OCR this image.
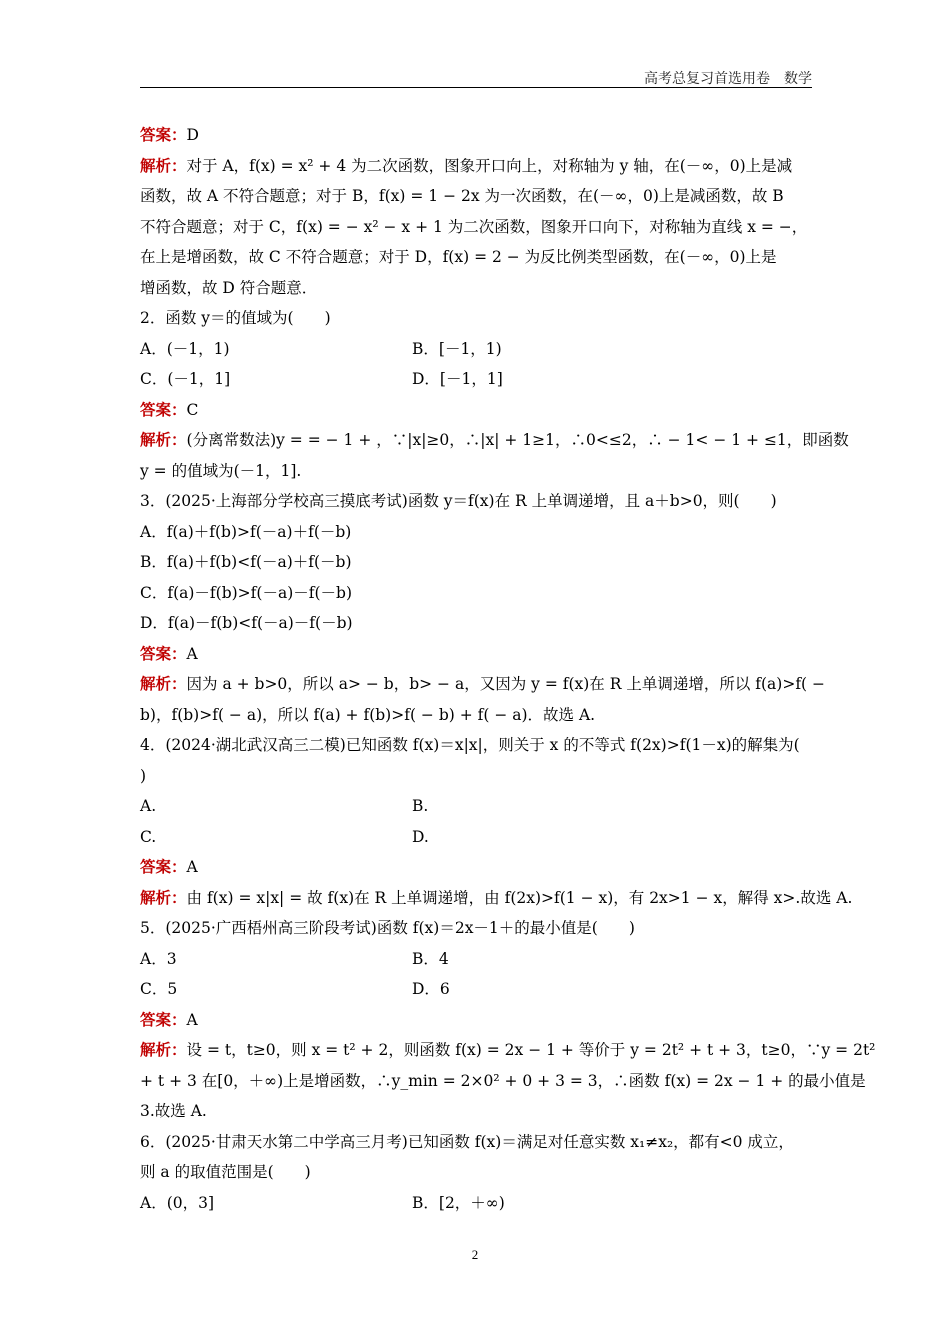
高考总复习首选用卷　数学
答案：D
解析：对于 A，f(x) = x² + 4 为二次函数，图象开口向上，对称轴为 y 轴，在(－∞，0)上是减
函数，故 A 不符合题意；对于 B，f(x) = 1 − 2x 为一次函数，在(－∞，0)上是减函数，故 B
不符合题意；对于 C，f(x) = − x² − x + 1 为二次函数，图象开口向下，对称轴为直线 x = −，
在上是增函数，故 C 不符合题意；对于 D，f(x) = 2 − 为反比例类型函数，在(－∞，0)上是
增函数，故 D 符合题意．
2．函数 y＝的值域为(　　)
A．(－1，1)	B．[－1，1)
C．(－1，1]	D．[－1，1]
答案：C
解析：(分离常数法)y = = − 1 + ，∵|x|≥0，∴|x| + 1≥1，∴0<≤2，∴ − 1< − 1 + ≤1，即函数
y = 的值域为(－1，1].
3．(2025·上海部分学校高三摸底考试)函数 y＝f(x)在 R 上单调递增，且 a＋b>0，则(　　)
A．f(a)＋f(b)>f(－a)＋f(－b)
B．f(a)＋f(b)<f(－a)＋f(－b)
C．f(a)－f(b)>f(－a)－f(－b)
D．f(a)－f(b)<f(－a)－f(－b)
答案：A
解析：因为 a + b>0，所以 a> − b，b> − a，又因为 y = f(x)在 R 上单调递增，所以 f(a)>f( −
b)，f(b)>f( − a)，所以 f(a) + f(b)>f( − b) + f( − a)．故选 A.
4．(2024·湖北武汉高三二模)已知函数 f(x)＝x|x|，则关于 x 的不等式 f(2x)>f(1－x)的解集为(
)
A.	B.
C.	D.
答案：A
解析：由 f(x) = x|x| = 故 f(x)在 R 上单调递增，由 f(2x)>f(1 − x)，有 2x>1 − x，解得 x>.故选 A.
5．(2025·广西梧州高三阶段考试)函数 f(x)＝2x－1＋的最小值是(　　)
A．3	B．4
C．5	D．6
答案：A
解析：设 = t，t≥0，则 x = t² + 2，则函数 f(x) = 2x − 1 + 等价于 y = 2t² + t + 3，t≥0，∵y = 2t²
+ t + 3 在[0，＋∞)上是增函数，∴y_min = 2×0² + 0 + 3 = 3，∴函数 f(x) = 2x − 1 + 的最小值是
3.故选 A.
6．(2025·甘肃天水第二中学高三月考)已知函数 f(x)＝满足对任意实数 x₁≠x₂，都有<0 成立，
则 a 的取值范围是(　　)
A．(0，3]	B．[2，＋∞)
2
